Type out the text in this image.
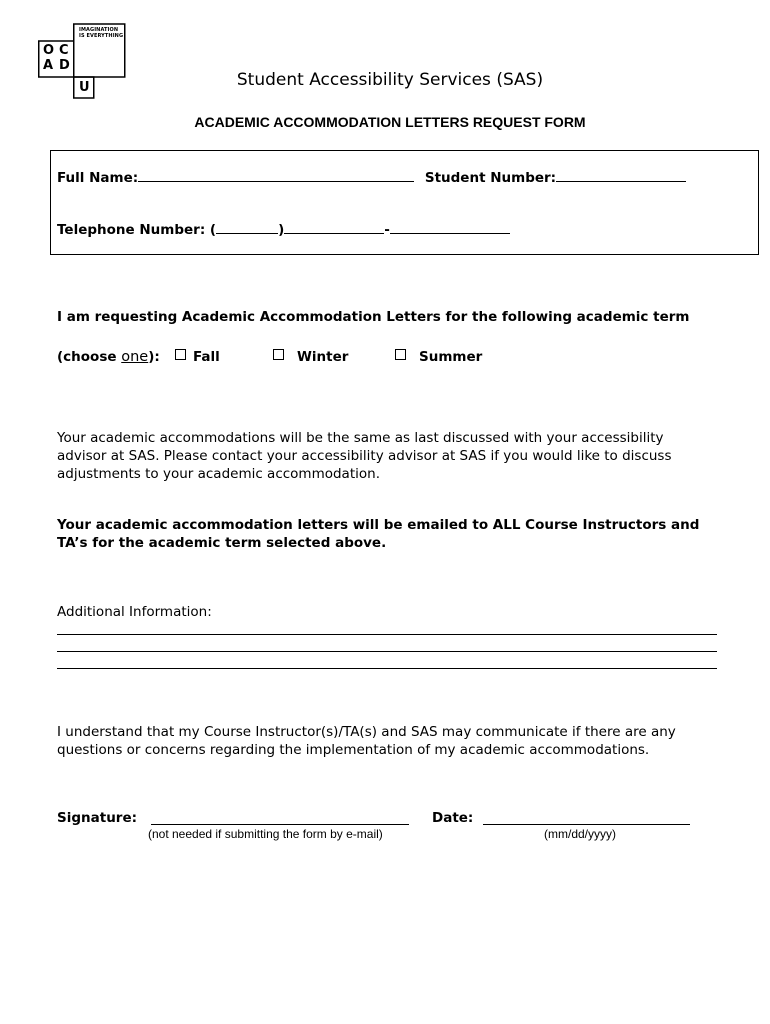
O C
A D
U
IMAGINATION
IS EVERYTHING
Student Accessibility Services (SAS)
ACADEMIC ACCOMMODATION LETTERS REQUEST FORM
Full Name:	Student Number:
Telephone Number: (	)	-
I am requesting Academic Accommodation Letters for the following academic term
(choose one): Fall	Winter	Summer
Your academic accommodations will be the same as last discussed with your accessibility
advisor at SAS. Please contact your accessibility advisor at SAS if you would like to discuss
adjustments to your academic accommodation.
Your academic accommodation letters will be emailed to ALL Course Instructors and
TA’s for the academic term selected above.
Additional Information:
I understand that my Course Instructor(s)/TA(s) and SAS may communicate if there are any
questions or concerns regarding the implementation of my academic accommodations.
Signature:
(not needed if submitting the form by e-mail)
Date:
(mm/dd/yyyy)
